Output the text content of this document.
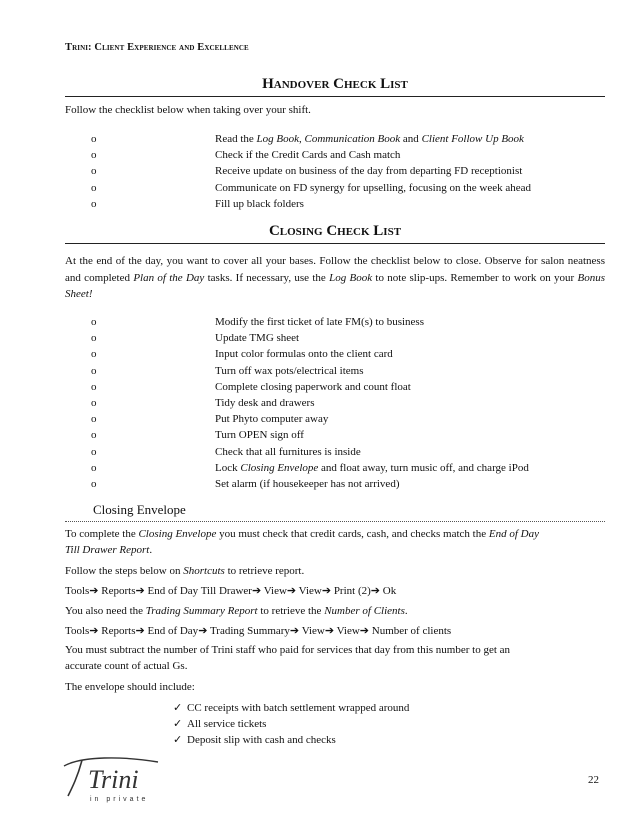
Trini: Client Experience and Excellence
Handover Check List
Follow the checklist below when taking over your shift.
o	Read the Log Book, Communication Book and Client Follow Up Book
o	Check if the Credit Cards and Cash match
o	Receive update on business of the day from departing FD receptionist
o	Communicate on FD synergy for upselling, focusing on the week ahead
o	Fill up black folders
Closing Check List
At the end of the day, you want to cover all your bases. Follow the checklist below to close. Observe for salon neatness and completed Plan of the Day tasks. If necessary, use the Log Book to note slip-ups. Remember to work on your Bonus Sheet!
o	Modify the first ticket of late FM(s) to business
o	Update TMG sheet
o	Input color formulas onto the client card
o	Turn off wax pots/electrical items
o	Complete closing paperwork and count float
o	Tidy desk and drawers
o	Put Phyto computer away
o	Turn OPEN sign off
o	Check that all furnitures is inside
o	Lock Closing Envelope and float away, turn music off, and charge iPod
o	Set alarm (if housekeeper has not arrived)
Closing Envelope
To complete the Closing Envelope you must check that credit cards, cash, and checks match the End of Day
Till Drawer Report.
Follow the steps below on Shortcuts to retrieve report.
Tools➔ Reports➔ End of Day Till Drawer➔ View➔ View➔ Print (2)➔ Ok
You also need the Trading Summary Report to retrieve the Number of Clients.
Tools➔ Reports➔ End of Day➔ Trading Summary➔ View➔ View➔ Number of clients
You must subtract the number of Trini staff who paid for services that day from this number to get an
accurate count of actual Gs.
The envelope should include:
✓ CC receipts with batch settlement wrapped around
✓ All service tickets
✓ Deposit slip with cash and checks
Trini
in private
22
